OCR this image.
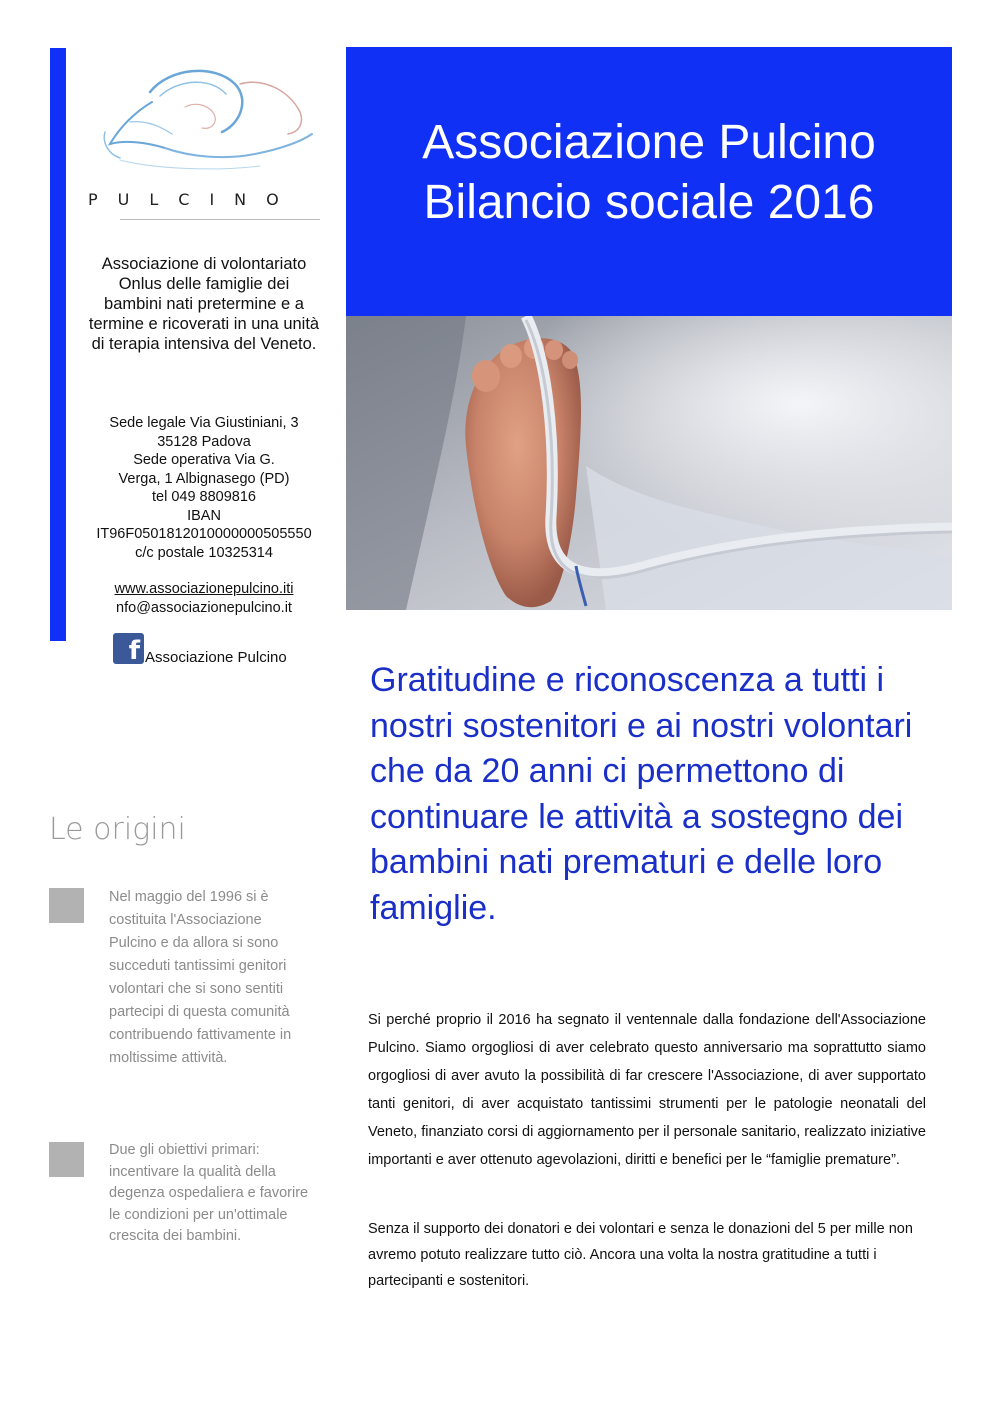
PULCINO
Associazione di volontariato Onlus delle famiglie dei bambini nati pretermine e a termine e ricoverati in una unità di terapia intensiva del Veneto.
Sede legale Via Giustiniani, 3
35128 Padova
Sede operativa Via G.
Verga, 1 Albignasego (PD)
tel 049 8809816
IBAN
IT96F0501812010000000505550
c/c postale 10325314
www.associazionepulcino.iti
nfo@associazionepulcino.it
f Associazione Pulcino
Associazione Pulcino
Bilancio sociale 2016
Gratitudine e riconoscenza a tutti i nostri sostenitori e ai nostri volontari che da 20 anni ci permettono di continuare le attività a sostegno dei bambini nati prematuri e delle loro famiglie.
Si perché proprio il 2016 ha segnato il ventennale dalla fondazione dell'Associazione Pulcino. Siamo orgogliosi di aver celebrato questo anniversario ma soprattutto siamo orgogliosi di aver avuto la possibilità di far crescere l'Associazione, di aver supportato tanti genitori, di aver acquistato tantissimi strumenti per le patologie neonatali del Veneto, finanziato corsi di aggiornamento per il personale sanitario, realizzato iniziative importanti e aver ottenuto agevolazioni, diritti e benefici per le “famiglie premature”.
Senza il supporto dei donatori e dei volontari e senza le donazioni del 5 per mille non avremo potuto realizzare tutto ciò. Ancora una volta la nostra gratitudine a tutti i partecipanti e sostenitori.
Le origini
Nel maggio del 1996 si è costituita l'Associazione Pulcino e da allora si sono succeduti tantissimi genitori volontari che si sono sentiti partecipi di questa comunità contribuendo fattivamente in moltissime attività.
Due gli obiettivi primari: incentivare la qualità della degenza ospedaliera e favorire le condizioni per un'ottimale crescita dei bambini.
